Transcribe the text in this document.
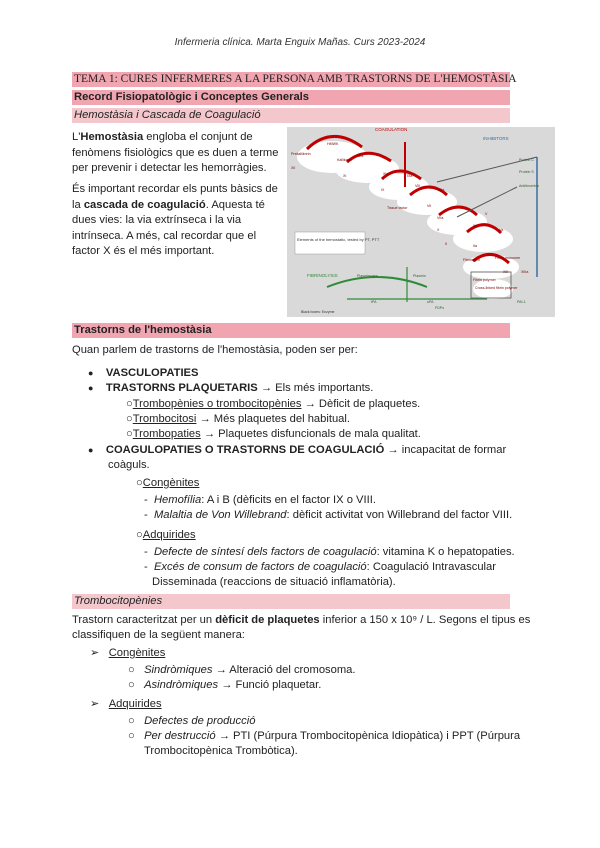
Infermeria clínica. Marta Enguix Mañas. Curs 2023-2024
TEMA 1: CURES INFERMERES A LA PERSONA AMB TRASTORNS DE L'HEMOSTÀSIA
Record Fisiopatològic i Conceptes Generals
Hemostàsia i Cascada de Coagulació
L'Hemostàsia engloba el conjunt de fenòmens fisiològics que es duen a terme per prevenir i detectar les hemorràgies.
És important recordar els punts bàsics de la cascada de coagulació. Aquesta té dues vies: la via extrínseca i la via intrínseca. A més, cal recordar que el factor X és el més important.
COAGULATION
INHIBITORS
FIBRINOLYSIS
Elements of the hemostatic, tested by PT, PTT
Black boxes: Enzyme
Prekallikrein
HMWK
Kallikrein
XII
XIIa
XI	XIa
IX
IXa
VIII
VIIIa
VII
VIIa
Tissue factor
X
Xa
V
Va
II	IIa
Fibrinogen	Fibrin monomer
XIII	XIIIa
Fibrin polymer
Cross-linked fibrin polymer
Plasminogen	Plasmin
tPA	uPA
Protein C
Protein S
Antithrombin
PAI-1
FDPs
Trastorns de l'hemostàsia
Quan parlem de trastorns de l'hemostàsia, poden ser per:
● VASCULOPATIES
● TRASTORNS PLAQUETARIS → Els més importants.
○Trombopènies o trombocitopènies → Dèficit de plaquetes.
○Trombocitosi → Més plaquetes del habitual.
○Trombopaties → Plaquetes disfuncionals de mala qualitat.
● COAGULOPATIES O TRASTORNS DE COAGULACIÓ → incapacitat de formar
coàguls.
○Congènites
-  Hemofília: A i B (dèficits en el factor IX o VIII.
-  Malaltia de Von Willebrand: dèficit activitat von Willebrand del factor VIII.
○Adquirides
-  Defecte de síntesí dels factors de coagulació: vitamina K o hepatopaties.
-  Excés de consum de factors de coagulació: Coagulació Intravascular
Disseminada (reaccions de situació inflamatòria).
Trombocitopènies
Trastorn caracteritzat per un dèficit de plaquetes inferior a 150 x 10⁹ / L. Segons el tipus es
classifiquen de la següent manera:
➢ Congènites
○ Sindròmiques → Alteració del cromosoma.
○ Asindròmiques → Funció plaquetar.
➢ Adquirides
○ Defectes de producció
○ Per destrucció → PTI (Púrpura Trombocitopènica Idiopàtica) i PPT (Púrpura
Trombocitopènica Trombòtica).
